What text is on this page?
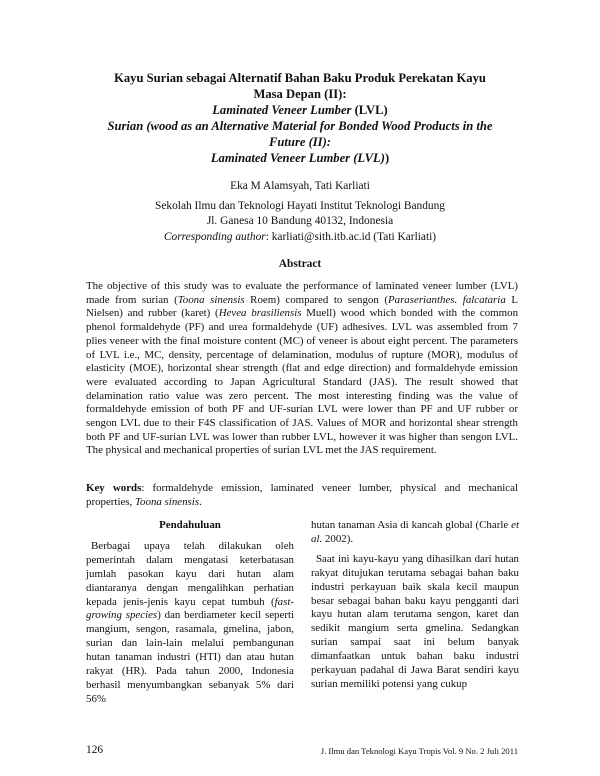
Kayu Surian sebagai Alternatif Bahan Baku Produk Perekatan Kayu
Masa Depan (II):
Laminated Veneer Lumber (LVL)
Surian (wood as an Alternative Material for Bonded Wood Products in the
Future (II):
Laminated Veneer Lumber (LVL))
Eka M Alamsyah, Tati Karliati
Sekolah Ilmu dan Teknologi Hayati Institut Teknologi Bandung
Jl. Ganesa 10 Bandung 40132, Indonesia
Corresponding author: karliati@sith.itb.ac.id (Tati Karliati)
Abstract
The objective of this study was to evaluate the performance of laminated veneer lumber (LVL) made from surian (Toona sinensis Roem) compared to sengon (Paraserianthes. falcataria L Nielsen) and rubber (karet) (Hevea brasiliensis Muell) wood which bonded with the common phenol formaldehyde (PF) and urea formaldehyde (UF) adhesives. LVL was assembled from 7 plies veneer with the final moisture content (MC) of veneer is about eight percent. The parameters of LVL i.e., MC, density, percentage of delamination, modulus of rupture (MOR), modulus of elasticity (MOE), horizontal shear strength (flat and edge direction) and formaldehyde emission were evaluated according to Japan Agricultural Standard (JAS). The result showed that delamination ratio value was zero percent. The most interesting finding was the value of formaldehyde emission of both PF and UF-surian LVL were lower than PF and UF rubber or sengon LVL due to their F4S classification of JAS. Values of MOR and horizontal shear strength both PF and UF-surian LVL was lower than rubber LVL, however it was higher than sengon LVL. The physical and mechanical properties of surian LVL met the JAS requirement.
Key words: formaldehyde emission, laminated veneer lumber, physical and mechanical properties, Toona sinensis.
Pendahuluan

Berbagai upaya telah dilakukan oleh pemerintah dalam mengatasi keterbatasan jumlah pasokan kayu dari hutan alam diantaranya dengan mengalihkan perhatian kepada jenis-jenis kayu cepat tumbuh (fast-growing species) dan berdiameter kecil seperti mangium, sengon, rasamala, gmelina, jabon, surian dan lain-lain melalui pembangunan hutan tanaman industri (HTI) dan atau hutan rakyat (HR). Pada tahun 2000, Indonesia berhasil menyumbangkan sebanyak 5% dari 56%

hutan tanaman Asia di kancah global (Charle et al. 2002).

Saat ini kayu-kayu yang dihasilkan dari hutan rakyat ditujukan terutama sebagai bahan baku industri perkayuan baik skala kecil maupun besar sebagai bahan baku kayu pengganti dari kayu hutan alam terutama sengon, karet dan sedikit mangium serta gmelina. Sedangkan surian sampai saat ini belum banyak dimanfaatkan untuk bahan baku industri perkayuan padahal di Jawa Barat sendiri kayu surian memiliki potensi yang cukup

126	J. Ilmu dan Teknologi Kayu Tropis Vol. 9 No. 2 Juli 2011
